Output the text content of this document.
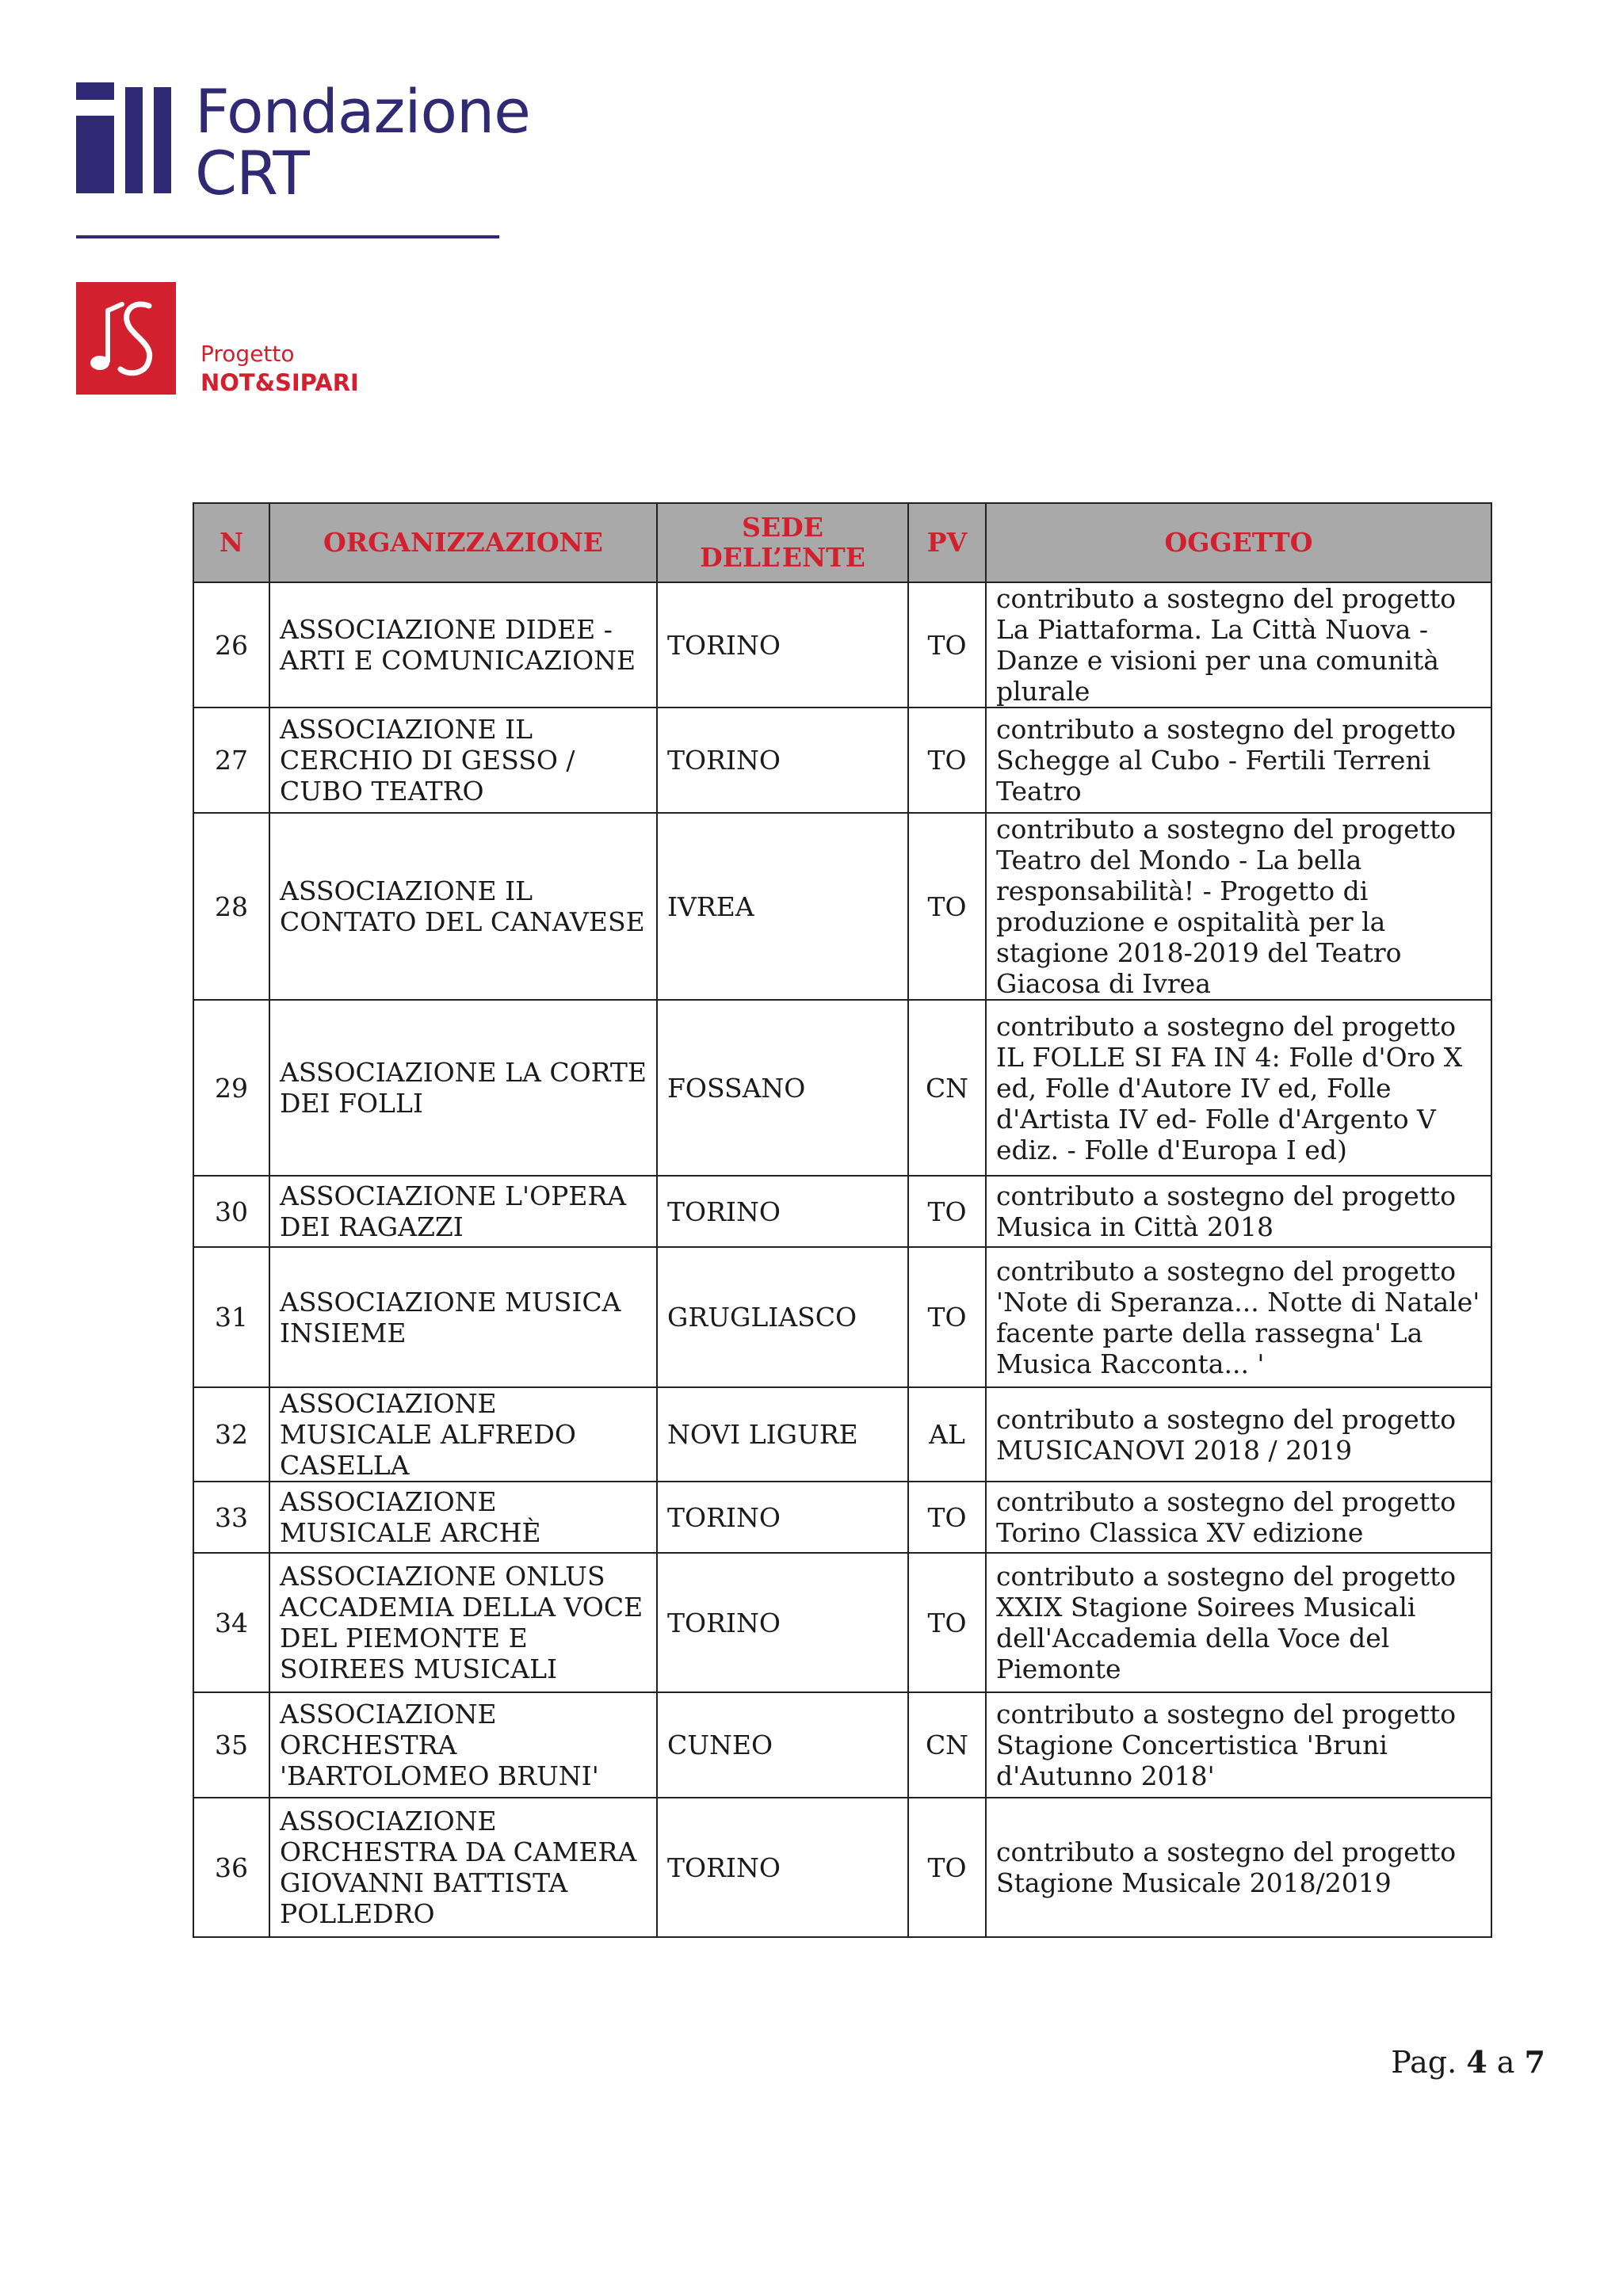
Fondazione
CRT
Progetto
NOT&SIPARI
N	ORGANIZZAZIONE	SEDE DELL’ENTE	PV	OGGETTO
26	ASSOCIAZIONE DIDEE - ARTI E COMUNICAZIONE	TORINO	TO	contributo a sostegno del progetto La Piattaforma. La Città Nuova - Danze e visioni per una comunità plurale
27	ASSOCIAZIONE IL CERCHIO DI GESSO / CUBO TEATRO	TORINO	TO	contributo a sostegno del progetto Schegge al Cubo - Fertili Terreni Teatro
28	ASSOCIAZIONE IL CONTATO DEL CANAVESE	IVREA	TO	contributo a sostegno del progetto Teatro del Mondo - La bella responsabilità! - Progetto di produzione e ospitalità per la stagione 2018-2019 del Teatro Giacosa di Ivrea
29	ASSOCIAZIONE LA CORTE DEI FOLLI	FOSSANO	CN	contributo a sostegno del progetto IL FOLLE SI FA IN 4: Folle d'Oro X ed, Folle d'Autore IV ed, Folle d'Artista IV ed- Folle d'Argento V ediz. - Folle d'Europa I ed)
30	ASSOCIAZIONE L'OPERA DEI RAGAZZI	TORINO	TO	contributo a sostegno del progetto Musica in Città 2018
31	ASSOCIAZIONE MUSICA INSIEME	GRUGLIASCO	TO	contributo a sostegno del progetto 'Note di Speranza... Notte di Natale' facente parte della rassegna' La Musica Racconta... '
32	ASSOCIAZIONE MUSICALE ALFREDO CASELLA	NOVI LIGURE	AL	contributo a sostegno del progetto MUSICANOVI 2018 / 2019
33	ASSOCIAZIONE MUSICALE ARCHÈ	TORINO	TO	contributo a sostegno del progetto Torino Classica XV edizione
34	ASSOCIAZIONE ONLUS ACCADEMIA DELLA VOCE DEL PIEMONTE E SOIREES MUSICALI	TORINO	TO	contributo a sostegno del progetto XXIX Stagione Soirees Musicali dell'Accademia della Voce del Piemonte
35	ASSOCIAZIONE ORCHESTRA 'BARTOLOMEO BRUNI'	CUNEO	CN	contributo a sostegno del progetto Stagione Concertistica 'Bruni d'Autunno 2018'
36	ASSOCIAZIONE ORCHESTRA DA CAMERA GIOVANNI BATTISTA POLLEDRO	TORINO	TO	contributo a sostegno del progetto Stagione Musicale 2018/2019
Pag. 4 a 7
